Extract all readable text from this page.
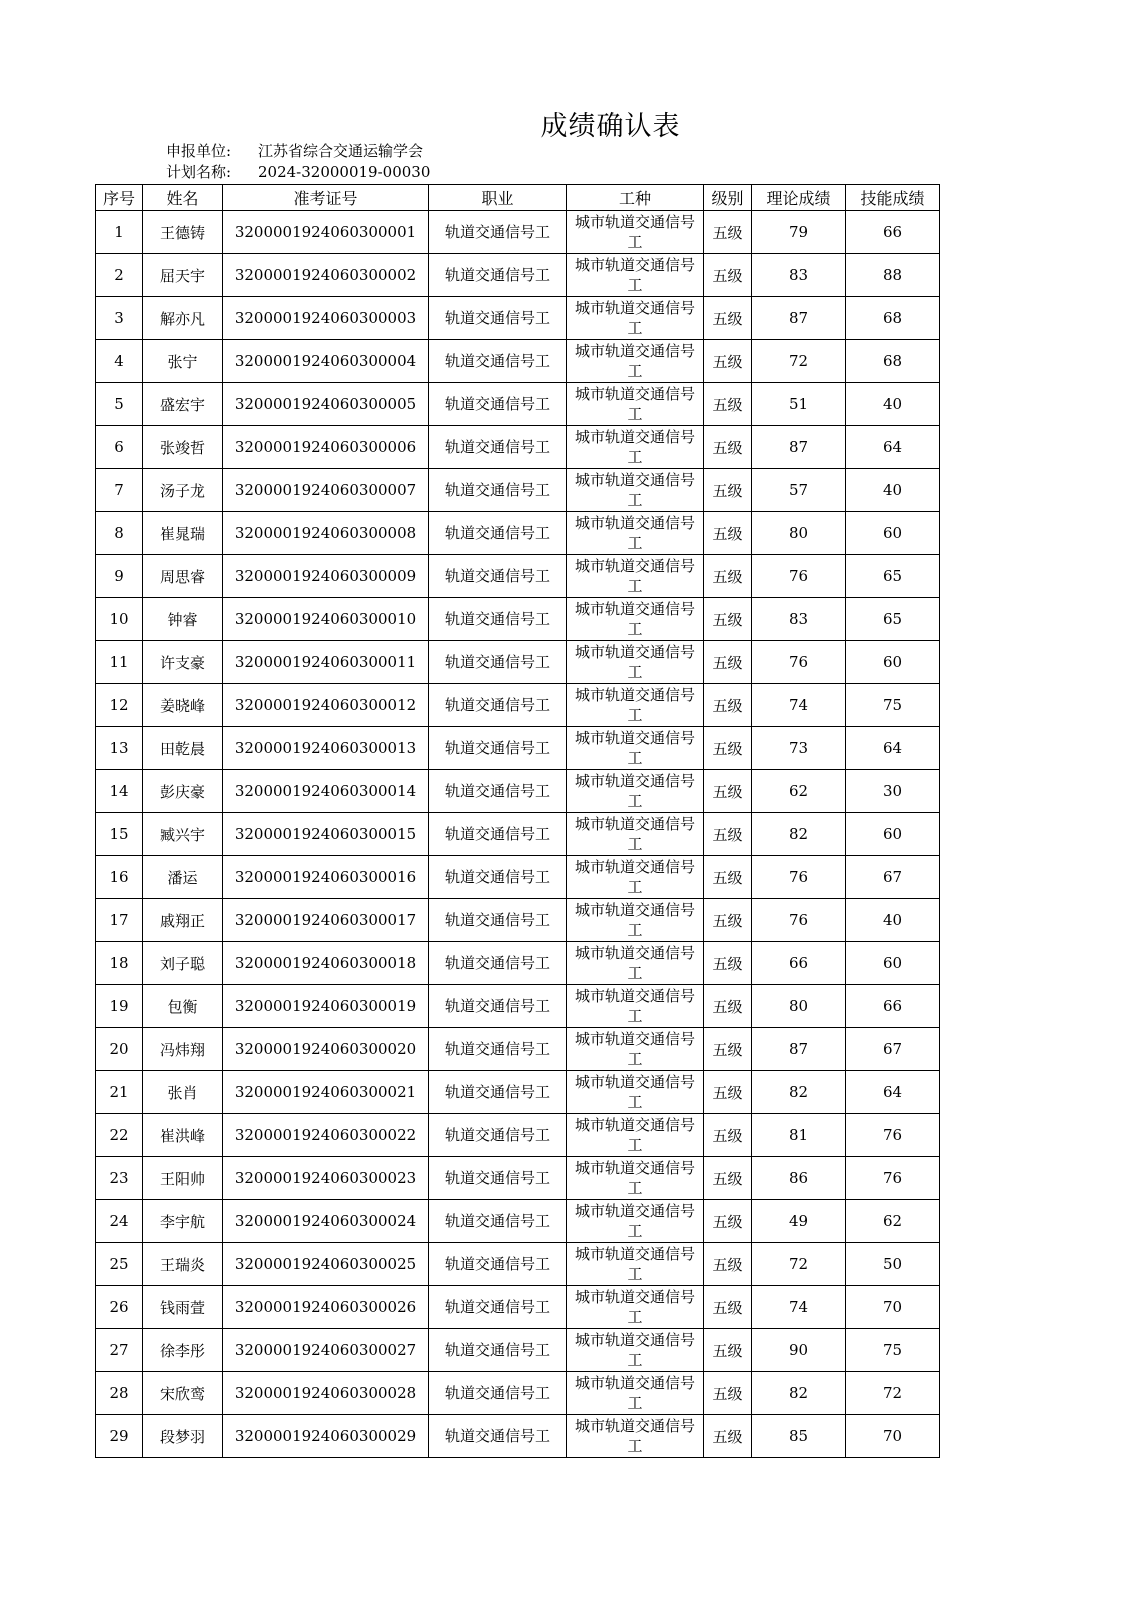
成绩确认表
申报单位: 江苏省综合交通运输学会
计划名称: 2024-32000019-00030
序号	姓名	准考证号	职业	工种	级别	理论成绩	技能成绩
1	王德铸	3200001924060300001	轨道交通信号工	城市轨道交通信号工	五级	79	66
2	屈天宇	3200001924060300002	轨道交通信号工	城市轨道交通信号工	五级	83	88
3	解亦凡	3200001924060300003	轨道交通信号工	城市轨道交通信号工	五级	87	68
4	张宁	3200001924060300004	轨道交通信号工	城市轨道交通信号工	五级	72	68
5	盛宏宇	3200001924060300005	轨道交通信号工	城市轨道交通信号工	五级	51	40
6	张竣哲	3200001924060300006	轨道交通信号工	城市轨道交通信号工	五级	87	64
7	汤子龙	3200001924060300007	轨道交通信号工	城市轨道交通信号工	五级	57	40
8	崔晁瑞	3200001924060300008	轨道交通信号工	城市轨道交通信号工	五级	80	60
9	周思睿	3200001924060300009	轨道交通信号工	城市轨道交通信号工	五级	76	65
10	钟睿	3200001924060300010	轨道交通信号工	城市轨道交通信号工	五级	83	65
11	许支豪	3200001924060300011	轨道交通信号工	城市轨道交通信号工	五级	76	60
12	姜晓峰	3200001924060300012	轨道交通信号工	城市轨道交通信号工	五级	74	75
13	田乾晨	3200001924060300013	轨道交通信号工	城市轨道交通信号工	五级	73	64
14	彭庆豪	3200001924060300014	轨道交通信号工	城市轨道交通信号工	五级	62	30
15	臧兴宇	3200001924060300015	轨道交通信号工	城市轨道交通信号工	五级	82	60
16	潘运	3200001924060300016	轨道交通信号工	城市轨道交通信号工	五级	76	67
17	戚翔正	3200001924060300017	轨道交通信号工	城市轨道交通信号工	五级	76	40
18	刘子聪	3200001924060300018	轨道交通信号工	城市轨道交通信号工	五级	66	60
19	包衡	3200001924060300019	轨道交通信号工	城市轨道交通信号工	五级	80	66
20	冯炜翔	3200001924060300020	轨道交通信号工	城市轨道交通信号工	五级	87	67
21	张肖	3200001924060300021	轨道交通信号工	城市轨道交通信号工	五级	82	64
22	崔洪峰	3200001924060300022	轨道交通信号工	城市轨道交通信号工	五级	81	76
23	王阳帅	3200001924060300023	轨道交通信号工	城市轨道交通信号工	五级	86	76
24	李宇航	3200001924060300024	轨道交通信号工	城市轨道交通信号工	五级	49	62
25	王瑞炎	3200001924060300025	轨道交通信号工	城市轨道交通信号工	五级	72	50
26	钱雨萱	3200001924060300026	轨道交通信号工	城市轨道交通信号工	五级	74	70
27	徐李彤	3200001924060300027	轨道交通信号工	城市轨道交通信号工	五级	90	75
28	宋欣鸾	3200001924060300028	轨道交通信号工	城市轨道交通信号工	五级	82	72
29	段梦羽	3200001924060300029	轨道交通信号工	城市轨道交通信号工	五级	85	70
